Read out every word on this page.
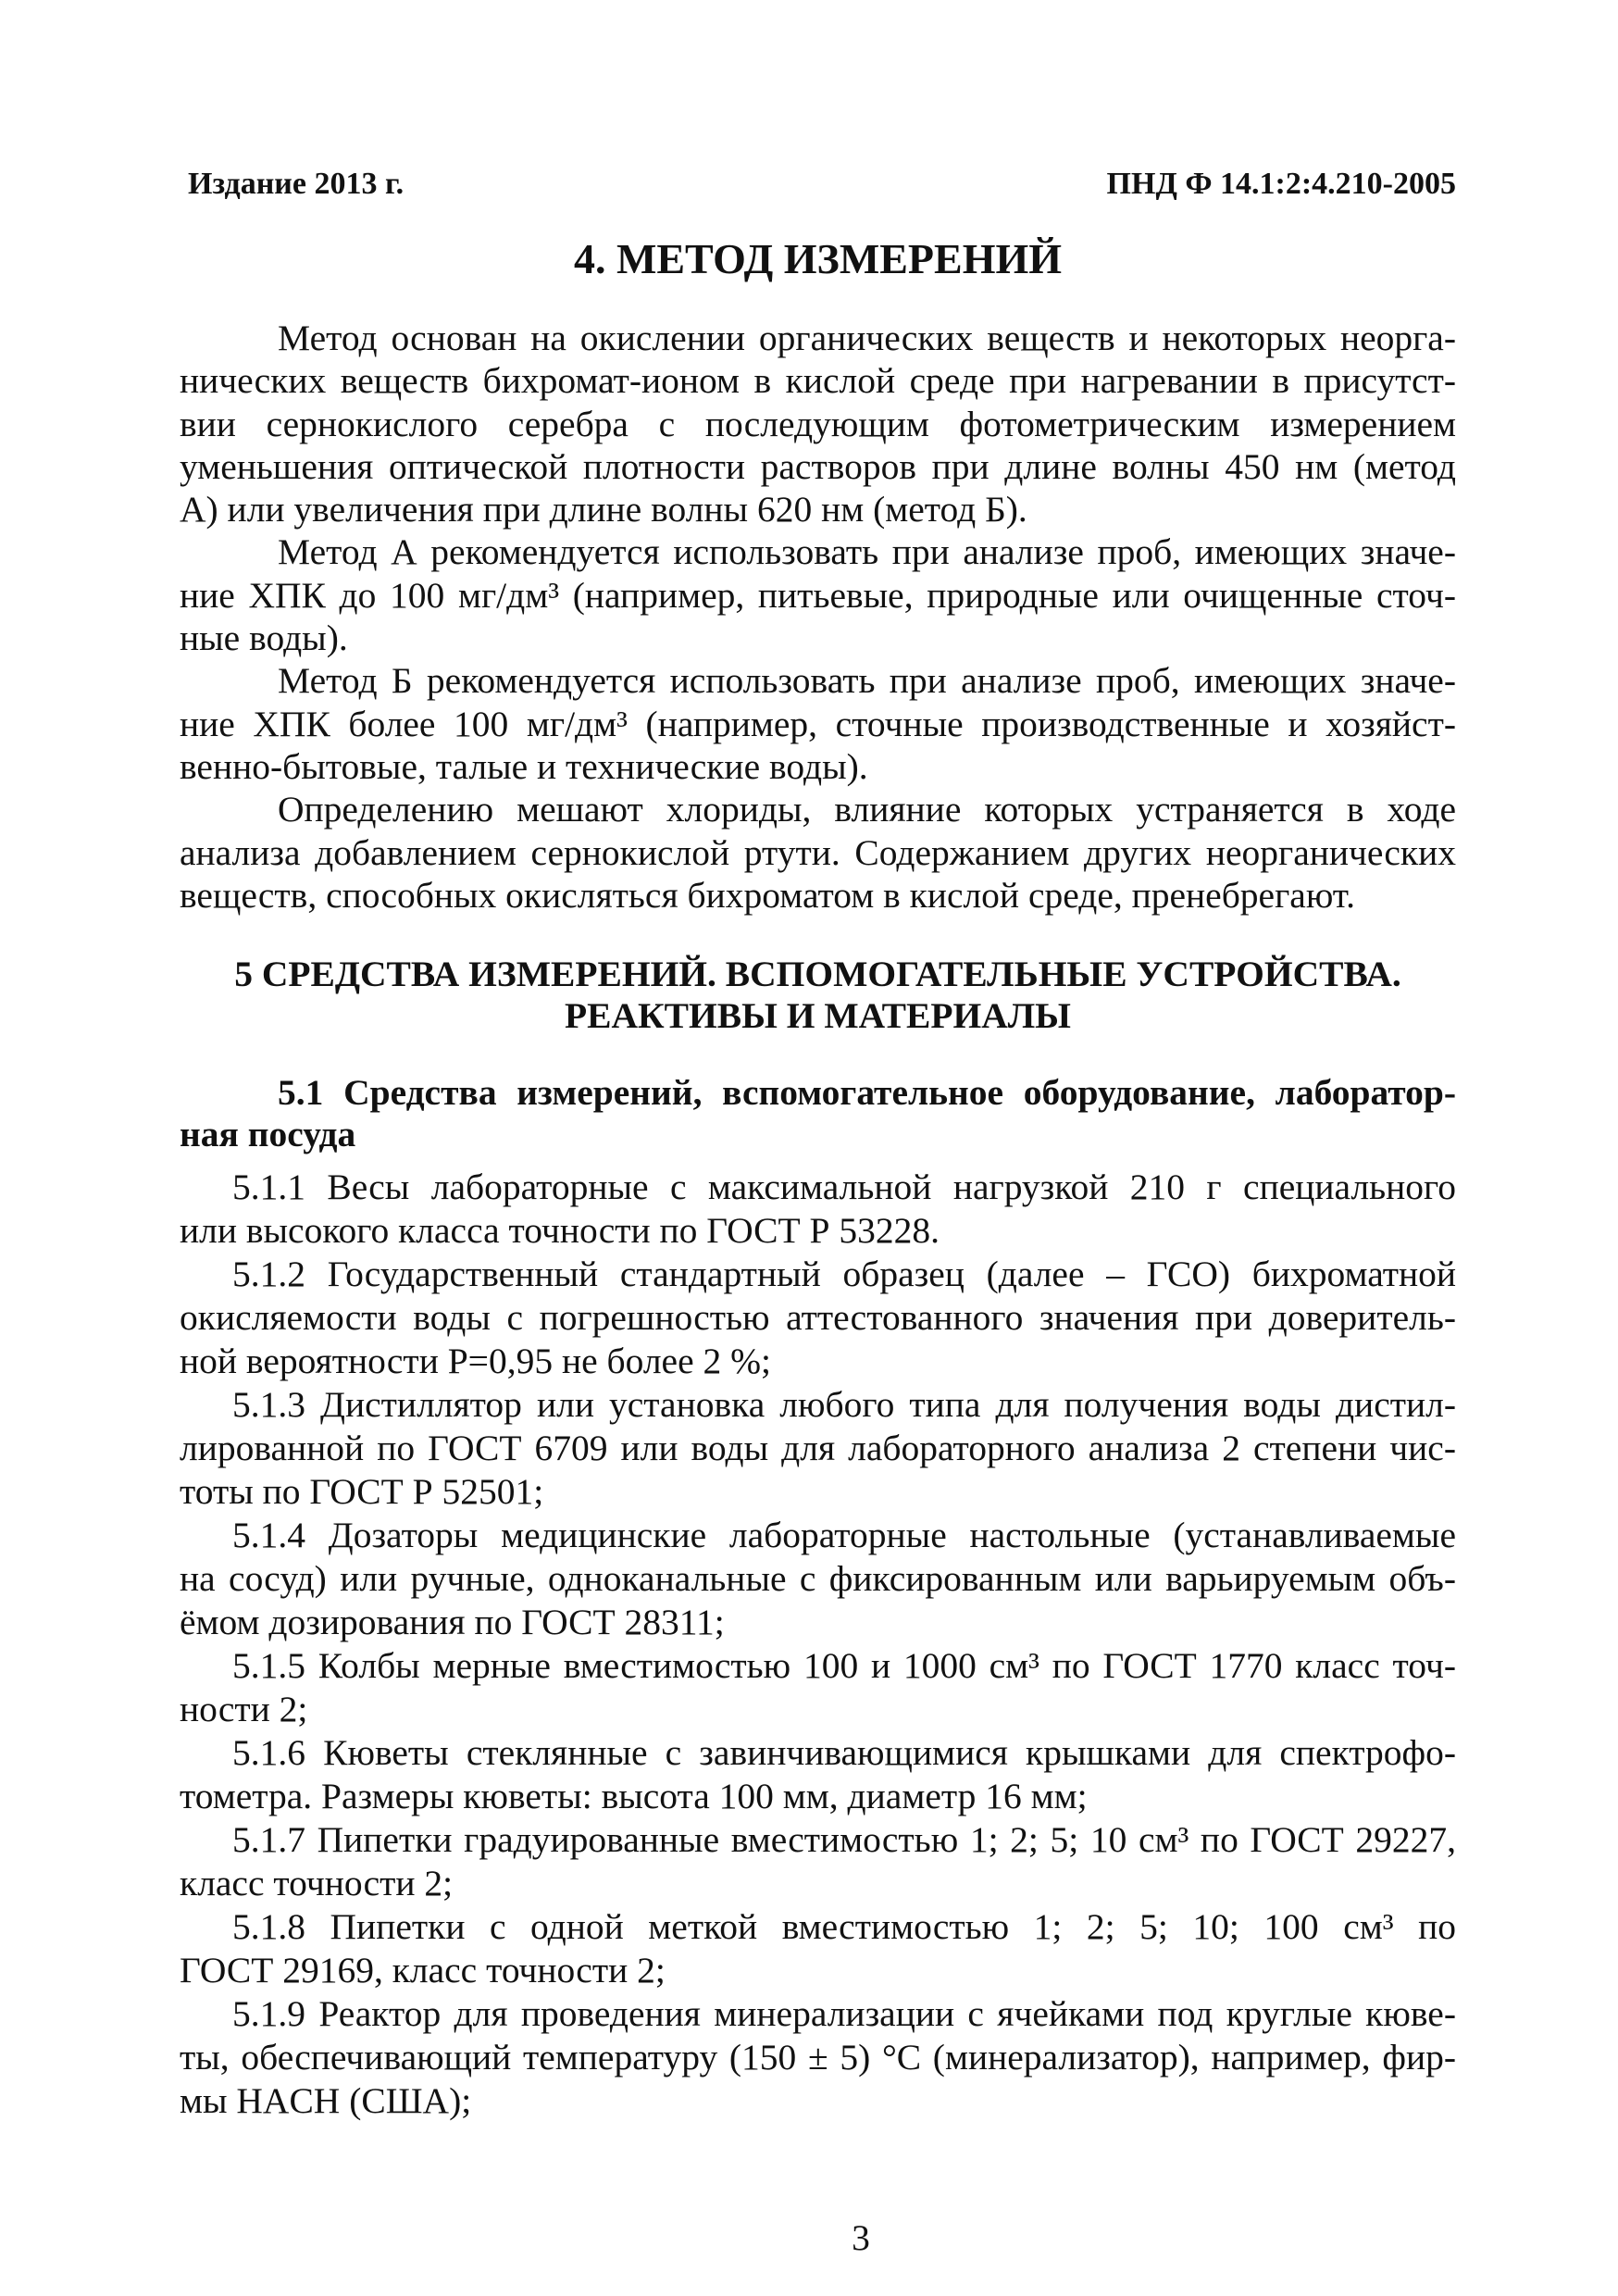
Издание 2013 г.	ПНД Ф 14.1:2:4.210-2005
4. МЕТОД ИЗМЕРЕНИЙ
Метод основан на окислении органических веществ и некоторых неорга-
нических веществ бихромат-ионом в кислой среде при нагревании в присутст-
вии сернокислого серебра с последующим фотометрическим измерением
уменьшения оптической плотности растворов при длине волны 450 нм (метод
А) или увеличения при длине волны 620 нм (метод Б).
Метод А рекомендуется использовать при анализе проб, имеющих значе-
ние ХПК до 100 мг/дм³ (например, питьевые, природные или очищенные сточ-
ные воды).
Метод Б рекомендуется использовать при анализе проб, имеющих значе-
ние ХПК более 100 мг/дм³ (например, сточные производственные и хозяйст-
венно-бытовые, талые и технические воды).
Определению мешают хлориды, влияние которых устраняется в ходе
анализа добавлением сернокислой ртути. Содержанием других неорганических
веществ, способных окисляться бихроматом в кислой среде, пренебрегают.
5 СРЕДСТВА ИЗМЕРЕНИЙ. ВСПОМОГАТЕЛЬНЫЕ УСТРОЙСТВА.
РЕАКТИВЫ И МАТЕРИАЛЫ
5.1 Средства измерений, вспомогательное оборудование, лаборатор-
ная посуда
5.1.1 Весы лабораторные с максимальной нагрузкой 210 г специального
или высокого класса точности по ГОСТ Р 53228.
5.1.2 Государственный стандартный образец (далее – ГСО) бихроматной
окисляемости воды с погрешностью аттестованного значения при доверитель-
ной вероятности Р=0,95 не более 2 %;
5.1.3 Дистиллятор или установка любого типа для получения воды дистил-
лированной по ГОСТ 6709 или воды для лабораторного анализа 2 степени чис-
тоты по ГОСТ Р 52501;
5.1.4 Дозаторы медицинские лабораторные настольные (устанавливаемые
на сосуд) или ручные, одноканальные с фиксированным или варьируемым объ-
ёмом дозирования по ГОСТ 28311;
5.1.5 Колбы мерные вместимостью 100 и 1000 см³ по ГОСТ 1770 класс точ-
ности 2;
5.1.6 Кюветы стеклянные с завинчивающимися крышками для спектрофо-
тометра. Размеры кюветы: высота 100 мм, диаметр 16 мм;
5.1.7 Пипетки градуированные вместимостью 1; 2; 5; 10 см³ по ГОСТ 29227,
класс точности 2;
5.1.8 Пипетки с одной меткой вместимостью 1; 2; 5; 10; 100 см³ по
ГОСТ 29169, класс точности 2;
5.1.9 Реактор для проведения минерализации с ячейками под круглые кюве-
ты, обеспечивающий температуру (150 ± 5) °С (минерализатор), например, фир-
мы HACH (США);
3
